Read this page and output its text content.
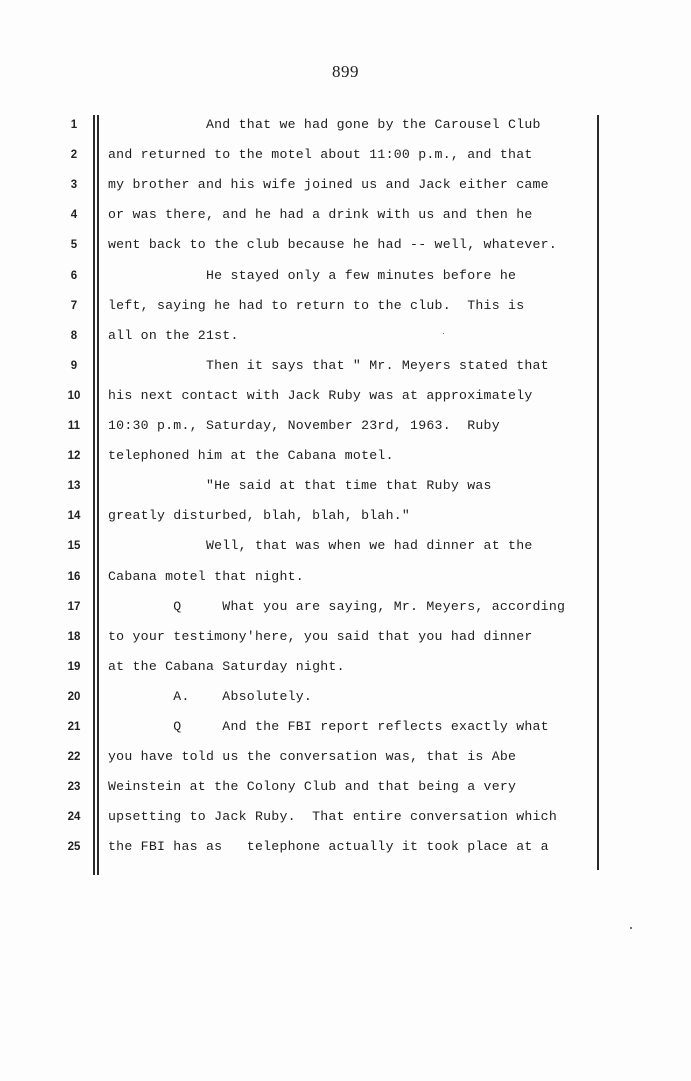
899
1	And that we had gone by the Carousel Club
2	and returned to the motel about 11:00 p.m., and that
3	my brother and his wife joined us and Jack either came
4	or was there, and he had a drink with us and then he
5	went back to the club because he had -- well, whatever.
6	He stayed only a few minutes before he
7	left, saying he had to return to the club.  This is
8	all on the 21st.
9	Then it says that " Mr. Meyers stated that
10 his next contact with Jack Ruby was at approximately
11 10:30 p.m., Saturday, November 23rd, 1963.  Ruby
12 telephoned him at the Cabana motel.
13 "He said at that time that Ruby was
14 greatly disturbed, blah, blah, blah."
15 Well, that was when we had dinner at the
16 Cabana motel that night.
17 Q     What you are saying, Mr. Meyers, according
18 to your testimony'here, you said that you had dinner
19 at the Cabana Saturday night.
20 A.    Absolutely.
21 Q     And the FBI report reflects exactly what
22 you have told us the conversation was, that is Abe
23 Weinstein at the Colony Club and that being a very
24 upsetting to Jack Ruby.  That entire conversation which
25 the FBI has as   telephone actually it took place at a
